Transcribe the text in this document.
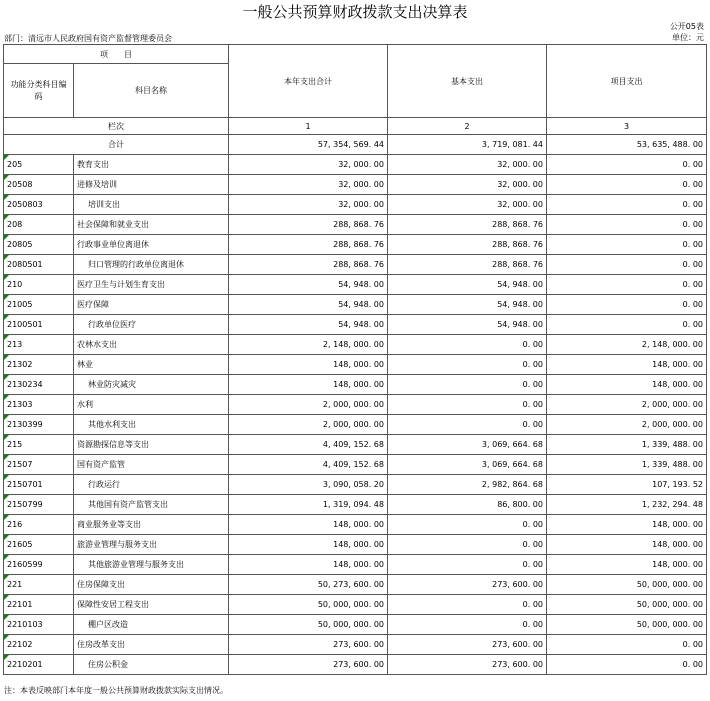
一般公共预算财政拨款支出决算表
公开05表
部门：清远市人民政府国有资产监督管理委员会	单位：元
项　　目		本年支出合计	基本支出	项目支出
功能分类科目编码	科目名称			
栏次		1	2	3
合计		57, 354, 569. 44	3, 719, 081. 44	53, 635, 488. 00
205	教育支出	32, 000. 00	32, 000. 00	0. 00
20508	进修及培训	32, 000. 00	32, 000. 00	0. 00
2050803	培训支出	32, 000. 00	32, 000. 00	0. 00
208	社会保障和就业支出	288, 868. 76	288, 868. 76	0. 00
20805	行政事业单位离退休	288, 868. 76	288, 868. 76	0. 00
2080501	归口管理的行政单位离退休	288, 868. 76	288, 868. 76	0. 00
210	医疗卫生与计划生育支出	54, 948. 00	54, 948. 00	0. 00
21005	医疗保障	54, 948. 00	54, 948. 00	0. 00
2100501	行政单位医疗	54, 948. 00	54, 948. 00	0. 00
213	农林水支出	2, 148, 000. 00	0. 00	2, 148, 000. 00
21302	林业	148, 000. 00	0. 00	148, 000. 00
2130234	林业防灾减灾	148, 000. 00	0. 00	148, 000. 00
21303	水利	2, 000, 000. 00	0. 00	2, 000, 000. 00
2130399	其他水利支出	2, 000, 000. 00	0. 00	2, 000, 000. 00
215	资源勘探信息等支出	4, 409, 152. 68	3, 069, 664. 68	1, 339, 488. 00
21507	国有资产监管	4, 409, 152. 68	3, 069, 664. 68	1, 339, 488. 00
2150701	行政运行	3, 090, 058. 20	2, 982, 864. 68	107, 193. 52
2150799	其他国有资产监管支出	1, 319, 094. 48	86, 800. 00	1, 232, 294. 48
216	商业服务业等支出	148, 000. 00	0. 00	148, 000. 00
21605	旅游业管理与服务支出	148, 000. 00	0. 00	148, 000. 00
2160599	其他旅游业管理与服务支出	148, 000. 00	0. 00	148, 000. 00
221	住房保障支出	50, 273, 600. 00	273, 600. 00	50, 000, 000. 00
22101	保障性安居工程支出	50, 000, 000. 00	0. 00	50, 000, 000. 00
2210103	棚户区改造	50, 000, 000. 00	0. 00	50, 000, 000. 00
22102	住房改革支出	273, 600. 00	273, 600. 00	0. 00
2210201	住房公积金	273, 600. 00	273, 600. 00	0. 00
注：本表反映部门本年度一般公共预算财政拨款实际支出情况。
